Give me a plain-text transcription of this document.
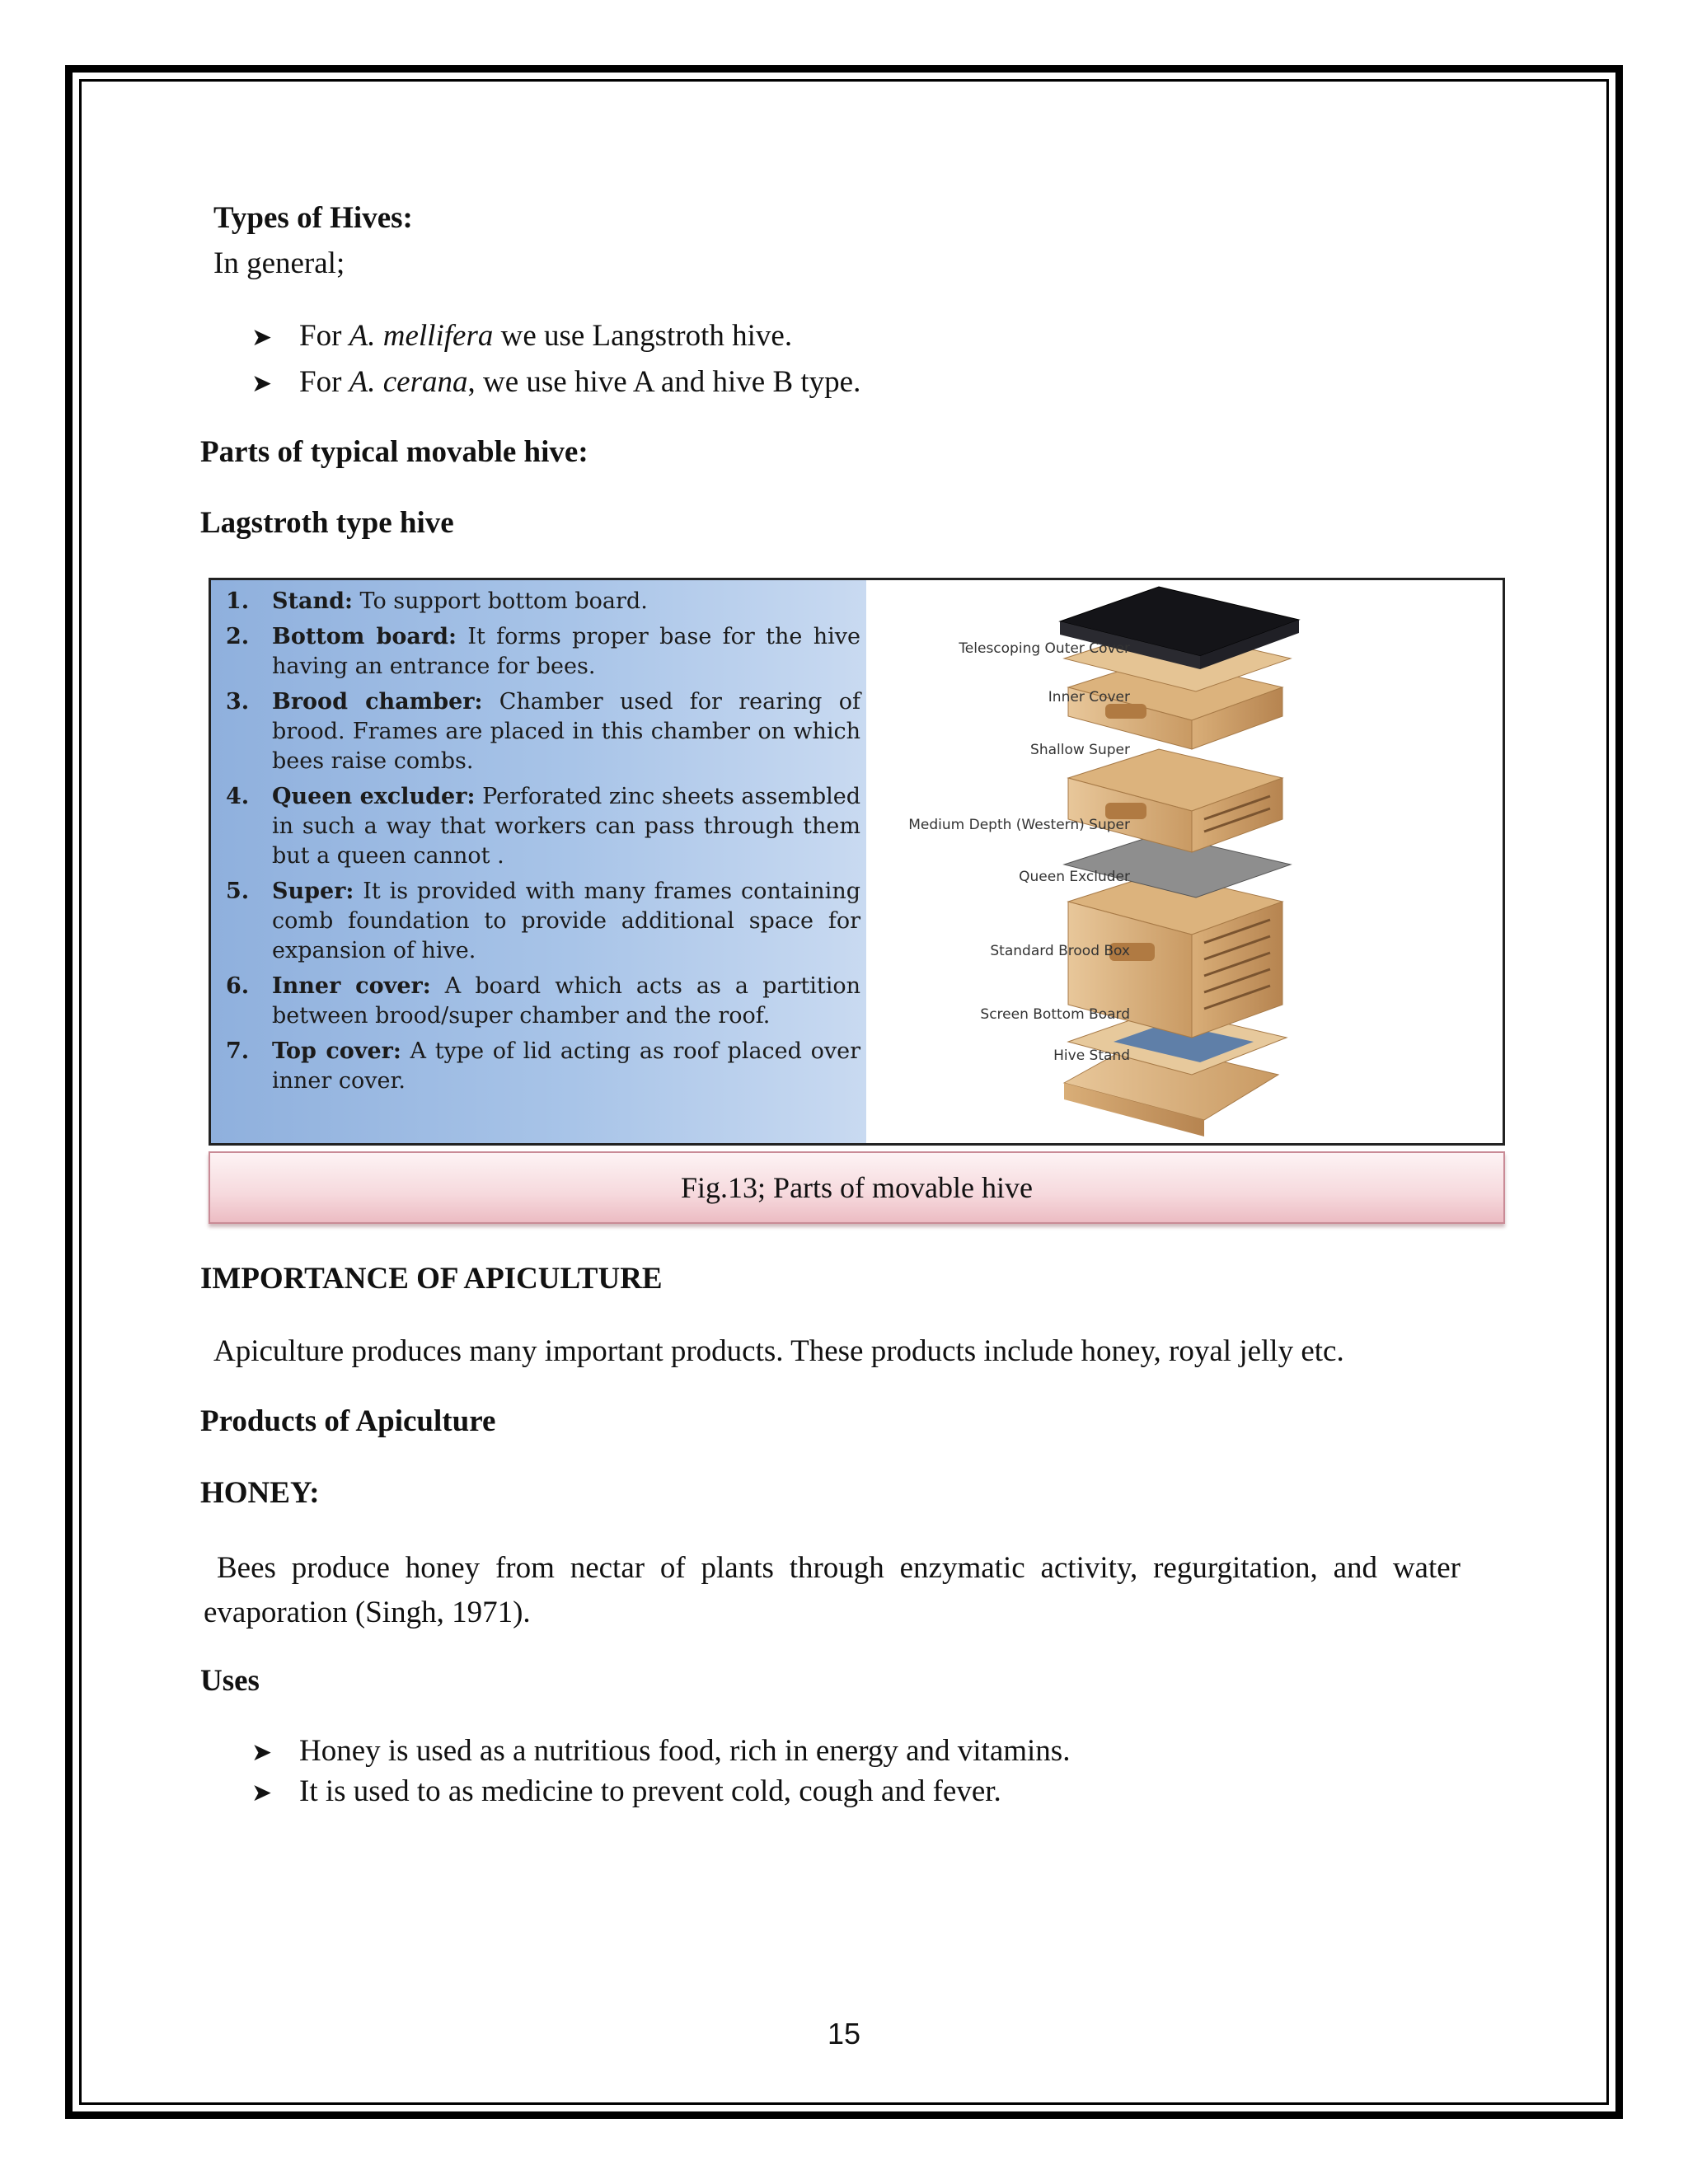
Types of Hives:
In general;
➤ For A. mellifera we use Langstroth hive.
➤ For A. cerana, we use hive A and hive B type.
Parts of typical movable hive:
Lagstroth type hive
1.	Stand: To support bottom board.
2.	Bottom board: It forms proper base for the hive having an entrance for bees.
3.	Brood chamber: Chamber used for rearing of brood. Frames are placed in this chamber on which bees raise combs.
4.	Queen excluder: Perforated zinc sheets assembled in such a way that workers can pass through them but a queen cannot .
5.	Super: It is provided with many frames containing comb foundation to provide additional space for expansion of hive.
6.	Inner cover: A board which acts as a partition between brood/super chamber and the roof.
7.	Top cover: A type of lid acting as roof placed over inner cover.
Telescoping Outer Cover
Inner Cover
Shallow Super
Medium Depth (Western) Super
Queen Excluder
Standard Brood Box
Screen Bottom Board
Hive Stand
Fig.13; Parts of movable hive
IMPORTANCE OF APICULTURE
Apiculture produces many important products. These products include honey, royal jelly etc.
Products of Apiculture
HONEY:
Bees produce honey from nectar of plants through enzymatic activity, regurgitation, and water evaporation (Singh, 1971).
Uses
➤ Honey is used as a nutritious food, rich in energy and vitamins.
➤ It is used to as medicine to prevent cold, cough and fever.
15
